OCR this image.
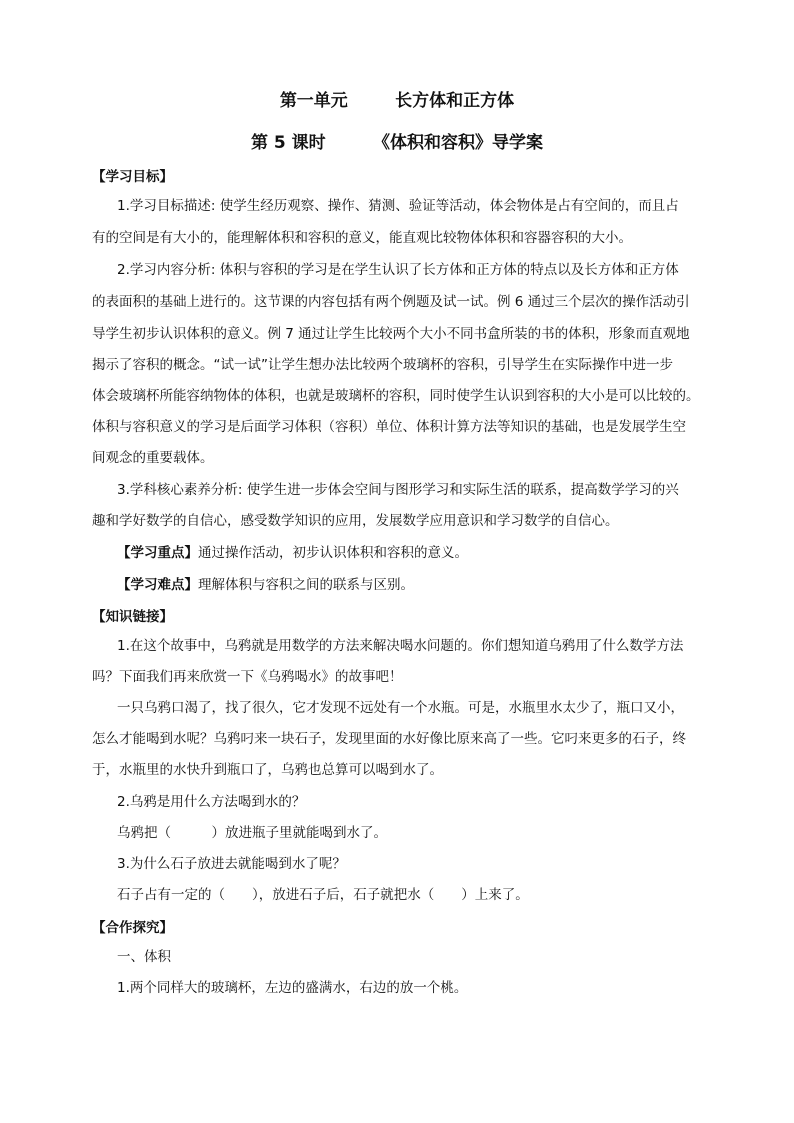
第一单元	长方体和正方体
第 5 课时	《体积和容积》导学案
【学习目标】
1.学习目标描述: 使学生经历观察、操作、猜测、验证等活动，体会物体是占有空间的，而且占
有的空间是有大小的，能理解体积和容积的意义，能直观比较物体体积和容器容积的大小。
2.学习内容分析: 体积与容积的学习是在学生认识了长方体和正方体的特点以及长方体和正方体
的表面积的基础上进行的。这节课的内容包括有两个例题及试一试。例 6 通过三个层次的操作活动引
导学生初步认识体积的意义。例 7 通过让学生比较两个大小不同书盒所装的书的体积，形象而直观地
揭示了容积的概念。“试一试”让学生想办法比较两个玻璃杯的容积，引导学生在实际操作中进一步
体会玻璃杯所能容纳物体的体积，也就是玻璃杯的容积，同时使学生认识到容积的大小是可以比较的。
体积与容积意义的学习是后面学习体积（容积）单位、体积计算方法等知识的基础，也是发展学生空
间观念的重要载体。
3.学科核心素养分析: 使学生进一步体会空间与图形学习和实际生活的联系，提高数学学习的兴
趣和学好数学的自信心，感受数学知识的应用，发展数学应用意识和学习数学的自信心。
【学习重点】通过操作活动，初步认识体积和容积的意义。
【学习难点】理解体积与容积之间的联系与区别。
【知识链接】
1.在这个故事中，乌鸦就是用数学的方法来解决喝水问题的。你们想知道乌鸦用了什么数学方法
吗？下面我们再来欣赏一下《乌鸦喝水》的故事吧！
一只乌鸦口渴了，找了很久，它才发现不远处有一个水瓶。可是，水瓶里水太少了，瓶口又小，
怎么才能喝到水呢？乌鸦叼来一块石子，发现里面的水好像比原来高了一些。它叼来更多的石子，终
于，水瓶里的水快升到瓶口了，乌鸦也总算可以喝到水了。
2.乌鸦是用什么方法喝到水的？
乌鸦把（　　　）放进瓶子里就能喝到水了。
3.为什么石子放进去就能喝到水了呢？
石子占有一定的（　　），放进石子后，石子就把水（　　）上来了。
【合作探究】
一、体积
1.两个同样大的玻璃杯，左边的盛满水，右边的放一个桃。
